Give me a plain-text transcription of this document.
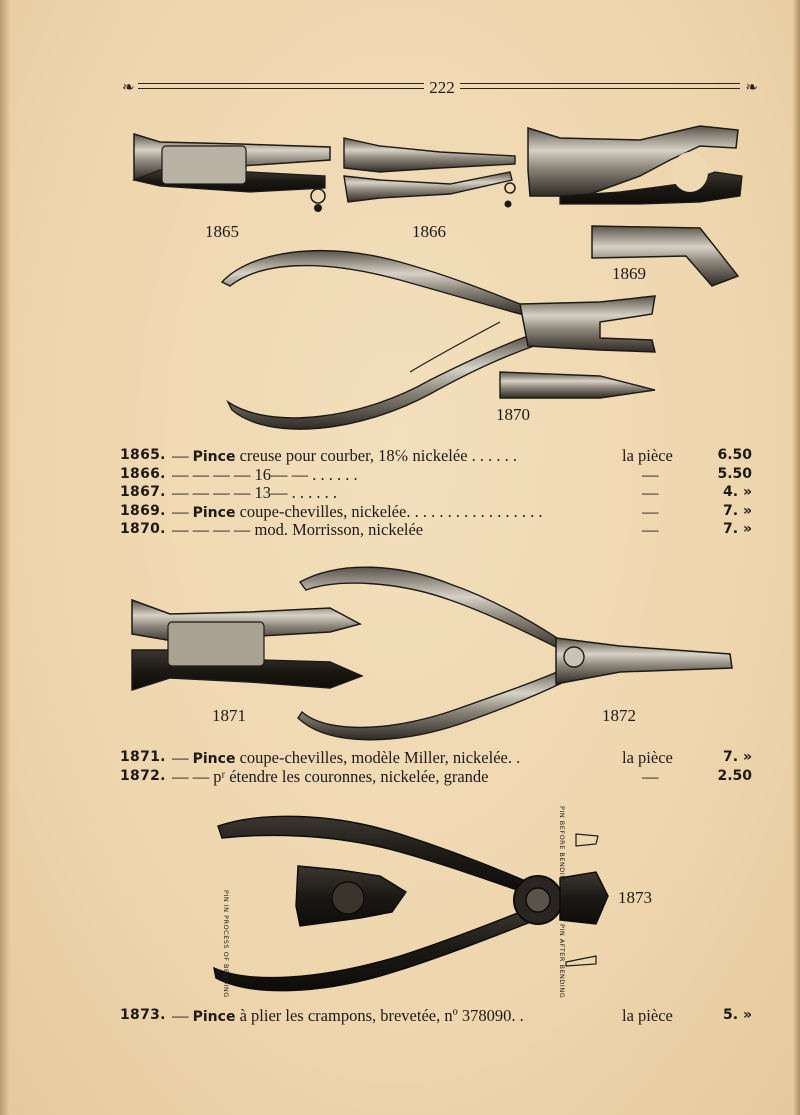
❧	222	❧
1865	1866
1869
1870
1871	1872
1873
PIN IN PROCESS OF BENDING
PIN BEFORE BENDING
PIN AFTER BENDING
1865. — Pince creuse pour courber, 18℅ nickelée . . . . . .	la pièce	6.50
1866. — — — — 16— — . . . . . .	—	5.50
1867. — — — — 13— . . . . . .	—	4. »
1869. — Pince coupe-chevilles, nickelée. . . . . . . . . . . . . . . . .	—	7. »
1870. — — — — mod. Morrisson, nickelée	—	7. »
1871. — Pince coupe-chevilles, modèle Miller, nickelée. .	la pièce	7. »
1872. — — pʳ étendre les couronnes, nickelée, grande	—	2.50
1873. — Pince à plier les crampons, brevetée, nº 378090. .	la pièce	5. »
